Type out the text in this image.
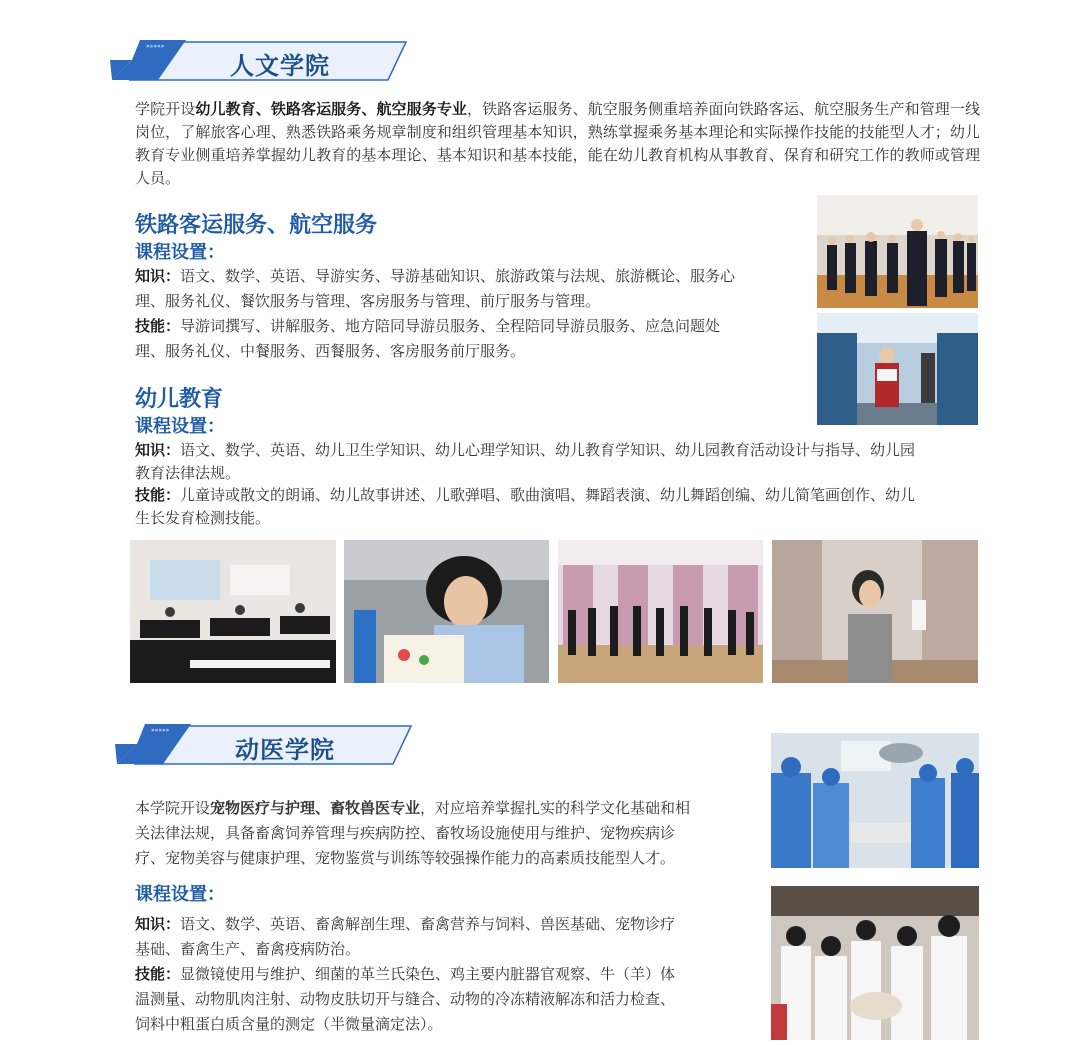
»»»»»
人文学院
学院开设幼儿教育、铁路客运服务、航空服务专业，铁路客运服务、航空服务侧重培养面向铁路客运、航空服务生产和管理一线岗位，了解旅客心理、熟悉铁路乘务规章制度和组织管理基本知识，熟练掌握乘务基本理论和实际操作技能的技能型人才；幼儿教育专业侧重培养掌握幼儿教育的基本理论、基本知识和基本技能，能在幼儿教育机构从事教育、保育和研究工作的教师或管理人员。
铁路客运服务、航空服务
课程设置：
知识：语文、数学、英语、导游实务、导游基础知识、旅游政策与法规、旅游概论、服务心
理、服务礼仪、餐饮服务与管理、客房服务与管理、前厅服务与管理。
技能：导游词撰写、讲解服务、地方陪同导游员服务、全程陪同导游员服务、应急问题处
理、服务礼仪、中餐服务、西餐服务、客房服务前厅服务。
幼儿教育
课程设置：
知识：语文、数学、英语、幼儿卫生学知识、幼儿心理学知识、幼儿教育学知识、幼儿园教育活动设计与指导、幼儿园
教育法律法规。
技能：儿童诗或散文的朗诵、幼儿故事讲述、儿歌弹唱、歌曲演唱、舞蹈表演、幼儿舞蹈创编、幼儿简笔画创作、幼儿
生长发育检测技能。
»»»»»
动医学院
本学院开设宠物医疗与护理、畜牧兽医专业，对应培养掌握扎实的科学文化基础和相
关法律法规，具备畜禽饲养管理与疾病防控、畜牧场设施使用与维护、宠物疾病诊
疗、宠物美容与健康护理、宠物鉴赏与训练等较强操作能力的高素质技能型人才。
课程设置：
知识：语文、数学、英语、畜禽解剖生理、畜禽营养与饲料、兽医基础、宠物诊疗
基础、畜禽生产、畜禽疫病防治。
技能：显微镜使用与维护、细菌的革兰氏染色、鸡主要内脏器官观察、牛（羊）体
温测量、动物肌肉注射、动物皮肤切开与缝合、动物的冷冻精液解冻和活力检查、
饲料中粗蛋白质含量的测定（半微量滴定法）。
